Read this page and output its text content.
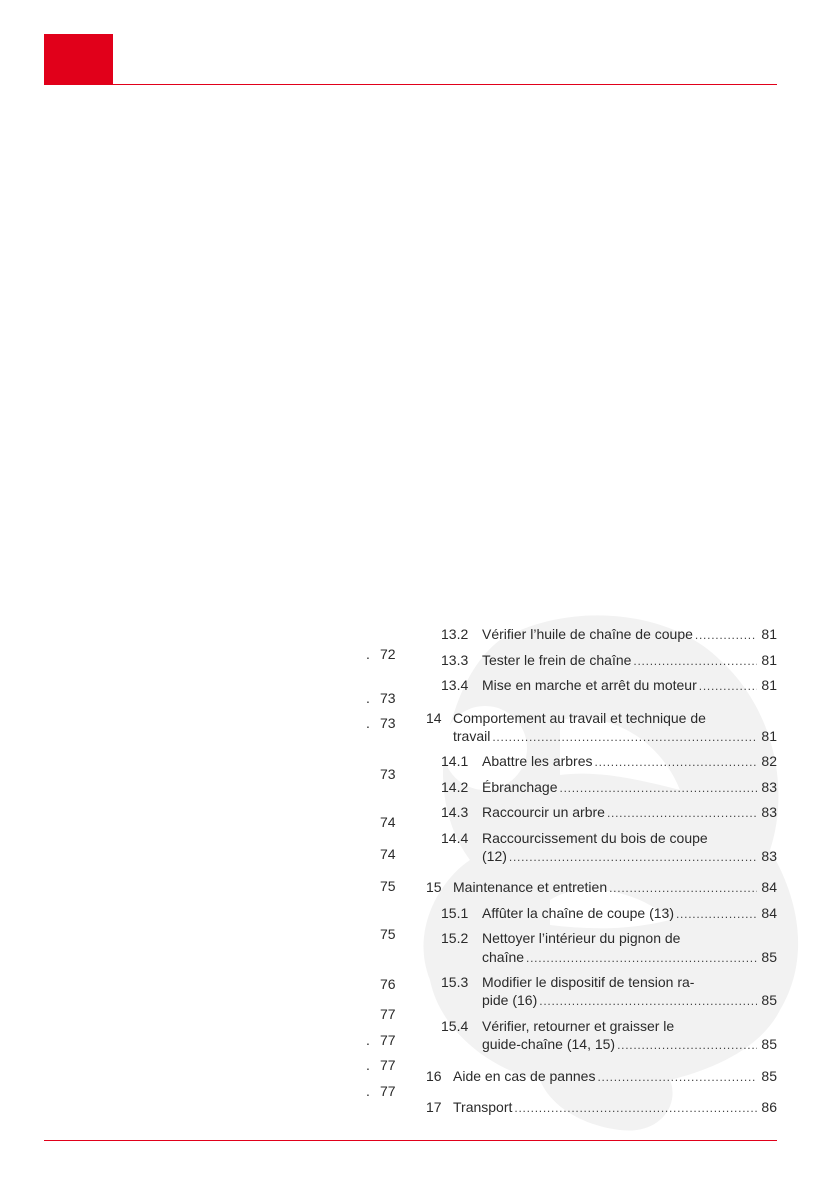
. 72
. 73
. 73
73
74
74
75
75
76
77
. 77
. 77
. 77
13.2 Vérifier l’huile de chaîne de coupe . . .	81
13.3 Tester le frein de chaîne . . .	81
13.4 Mise en marche et arrêt du moteur . . .	81
14 Comportement au travail et technique de
travail . . .	81
14.1 Abattre les arbres . . .	82
14.2 Ébranchage . . .	83
14.3 Raccourcir un arbre . . .	83
14.4 Raccourcissement du bois de coupe
(12) . . .	83
15 Maintenance et entretien . . .	84
15.1 Affûter la chaîne de coupe (13) . . .	84
15.2 Nettoyer l’intérieur du pignon de
chaîne . . .	85
15.3 Modifier le dispositif de tension ra-
pide (16) . . .	85
15.4 Vérifier, retourner et graisser le
guide-chaîne (14, 15) . . .	85
16 Aide en cas de pannes . . .	85
17 Transport . . .	86
